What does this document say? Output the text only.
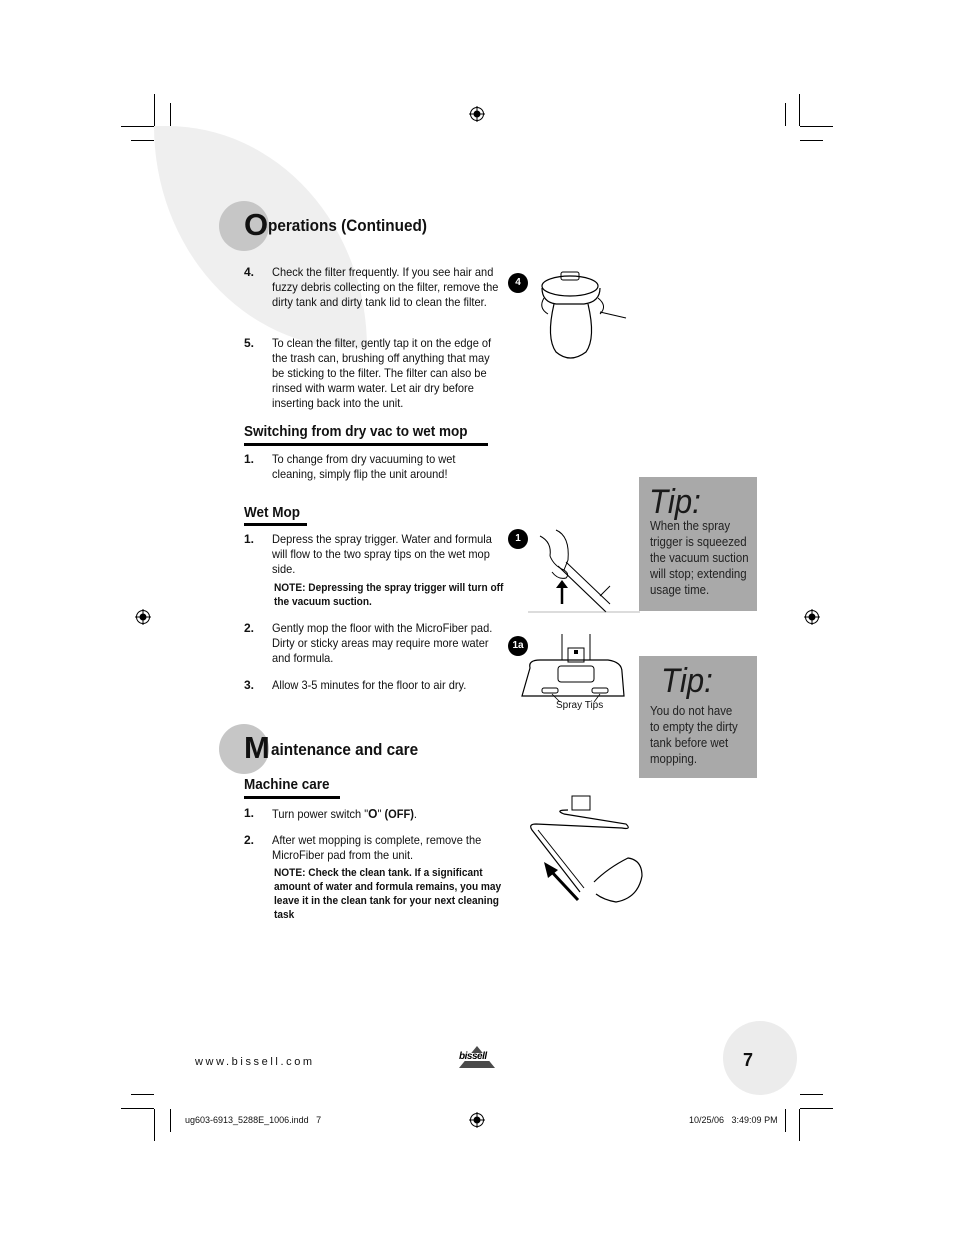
O perations (Continued)
4. Check the filter frequently. If you see hair and fuzzy debris collecting on the filter, remove the dirty tank and dirty tank lid to clean the filter.
5. To clean the filter, gently tap it on the edge of the trash can, brushing off anything that may be sticking to the filter. The filter can also be rinsed with warm water. Let air dry before inserting back into the unit.
4
Switching from dry vac to wet mop
1. To change from dry vacuuming to wet cleaning, simply flip the unit around!
Wet Mop
1. Depress the spray trigger. Water and formula will flow to the two spray tips on the wet mop side.
NOTE: Depressing the spray trigger will turn off the vacuum suction.
2. Gently mop the floor with the MicroFiber pad. Dirty or sticky areas may require more water and formula.
3. Allow 3-5 minutes for the floor to air dry.
1
1a
Spray Tips
M aintenance and care
Machine care
1. Turn power switch "O" (OFF).
2. After wet mopping is complete, remove the MicroFiber pad from the unit.
NOTE: Check the clean tank. If a significant amount of water and formula remains, you may leave it in the clean tank for your next cleaning task
Tip:
When the spray trigger is squeezed the vacuum suction will stop; extending usage time.
Tip:
You do not have to empty the dirty tank before wet mopping.
www.bissell.com	bissell	7
ug603-6913_5288E_1006.indd   7	10/25/06   3:49:09 PM
